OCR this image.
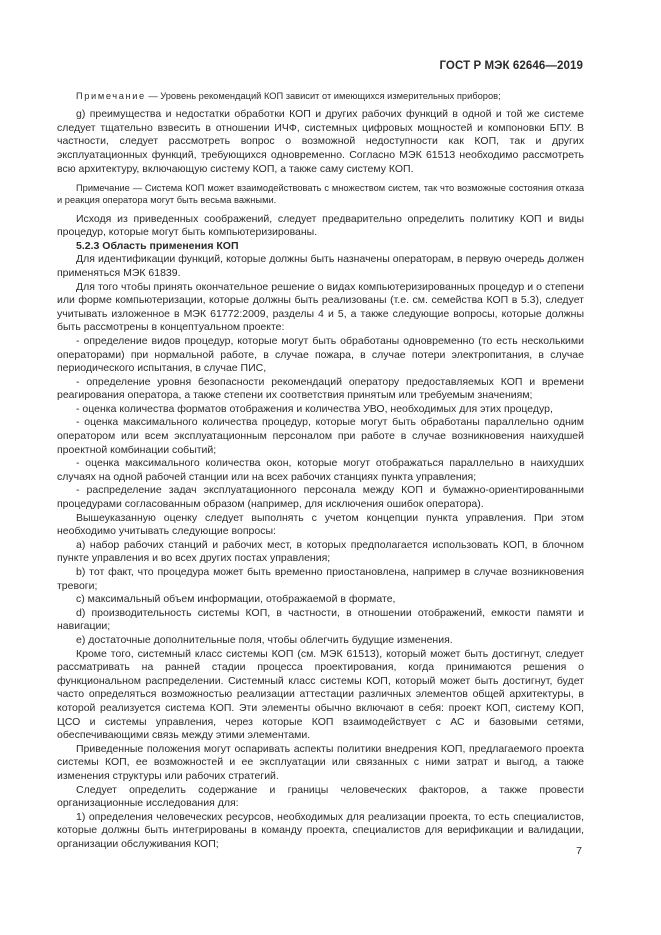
ГОСТ Р МЭК 62646—2019

Примечание — Уровень рекомендаций КОП зависит от имеющихся измерительных приборов;

g) преимущества и недостатки обработки КОП и других рабочих функций в одной и той же системе следует тщательно взвесить в отношении ИЧФ, системных цифровых мощностей и компоновки БПУ. В частности, следует рассмотреть вопрос о возможной недоступности как КОП, так и других эксплуатационных функций, требующихся одновременно. Согласно МЭК 61513 необходимо рассмотреть всю архитектуру, включающую систему КОП, а также саму систему КОП.

Примечание — Система КОП может взаимодействовать с множеством систем, так что возможные состояния отказа и реакция оператора могут быть весьма важными.

Исходя из приведенных соображений, следует предварительно определить политику КОП и виды процедур, которые могут быть компьютеризированы.

5.2.3 Область применения КОП

Для идентификации функций, которые должны быть назначены операторам, в первую очередь должен применяться МЭК 61839.

Для того чтобы принять окончательное решение о видах компьютеризированных процедур и о степени или форме компьютеризации, которые должны быть реализованы (т.е. см. семейства КОП в 5.3), следует учитывать изложенное в МЭК 61772:2009, разделы 4 и 5, а также следующие вопросы, которые должны быть рассмотрены в концептуальном проекте:

- определение видов процедур, которые могут быть обработаны одновременно (то есть несколькими операторами) при нормальной работе, в случае пожара, в случае потери электропитания, в случае периодического испытания, в случае ПИС,

- определение уровня безопасности рекомендаций оператору предоставляемых КОП и времени реагирования оператора, а также степени их соответствия принятым или требуемым значениям;

- оценка количества форматов отображения и количества УВО, необходимых для этих процедур,

- оценка максимального количества процедур, которые могут быть обработаны параллельно одним оператором или всем эксплуатационным персоналом при работе в случае возникновения наихудшей проектной комбинации событий;

- оценка максимального количества окон, которые могут отображаться параллельно в наихудших случаях на одной рабочей станции или на всех рабочих станциях пункта управления;

- распределение задач эксплуатационного персонала между КОП и бумажно-ориентированными процедурами согласованным образом (например, для исключения ошибок оператора).

Вышеуказанную оценку следует выполнять с учетом концепции пункта управления. При этом необходимо учитывать следующие вопросы:

а) набор рабочих станций и рабочих мест, в которых предполагается использовать КОП, в блочном пункте управления и во всех других постах управления;

b) тот факт, что процедура может быть временно приостановлена, например в случае возникновения тревоги;

c) максимальный объем информации, отображаемой в формате,

d) производительность системы КОП, в частности, в отношении отображений, емкости памяти и навигации;

е) достаточные дополнительные поля, чтобы облегчить будущие изменения.

Кроме того, системный класс системы КОП (см. МЭК 61513), который может быть достигнут, следует рассматривать на ранней стадии процесса проектирования, когда принимаются решения о функциональном распределении. Системный класс системы КОП, который может быть достигнут, будет часто определяться возможностью реализации аттестации различных элементов общей архитектуры, в которой реализуется система КОП. Эти элементы обычно включают в себя: проект КОП, систему КОП, ЦСО и системы управления, через которые КОП взаимодействует с АС и базовыми сетями, обеспечивающими связь между этими элементами.

Приведенные положения могут оспаривать аспекты политики внедрения КОП, предлагаемого проекта системы КОП, ее возможностей и ее эксплуатации или связанных с ними затрат и выгод, а также изменения структуры или рабочих стратегий.

Следует определить содержание и границы человеческих факторов, а также провести организационные исследования для:

1) определения человеческих ресурсов, необходимых для реализации проекта, то есть специалистов, которые должны быть интегрированы в команду проекта, специалистов для верификации и валидации, организации обслуживания КОП;

7
